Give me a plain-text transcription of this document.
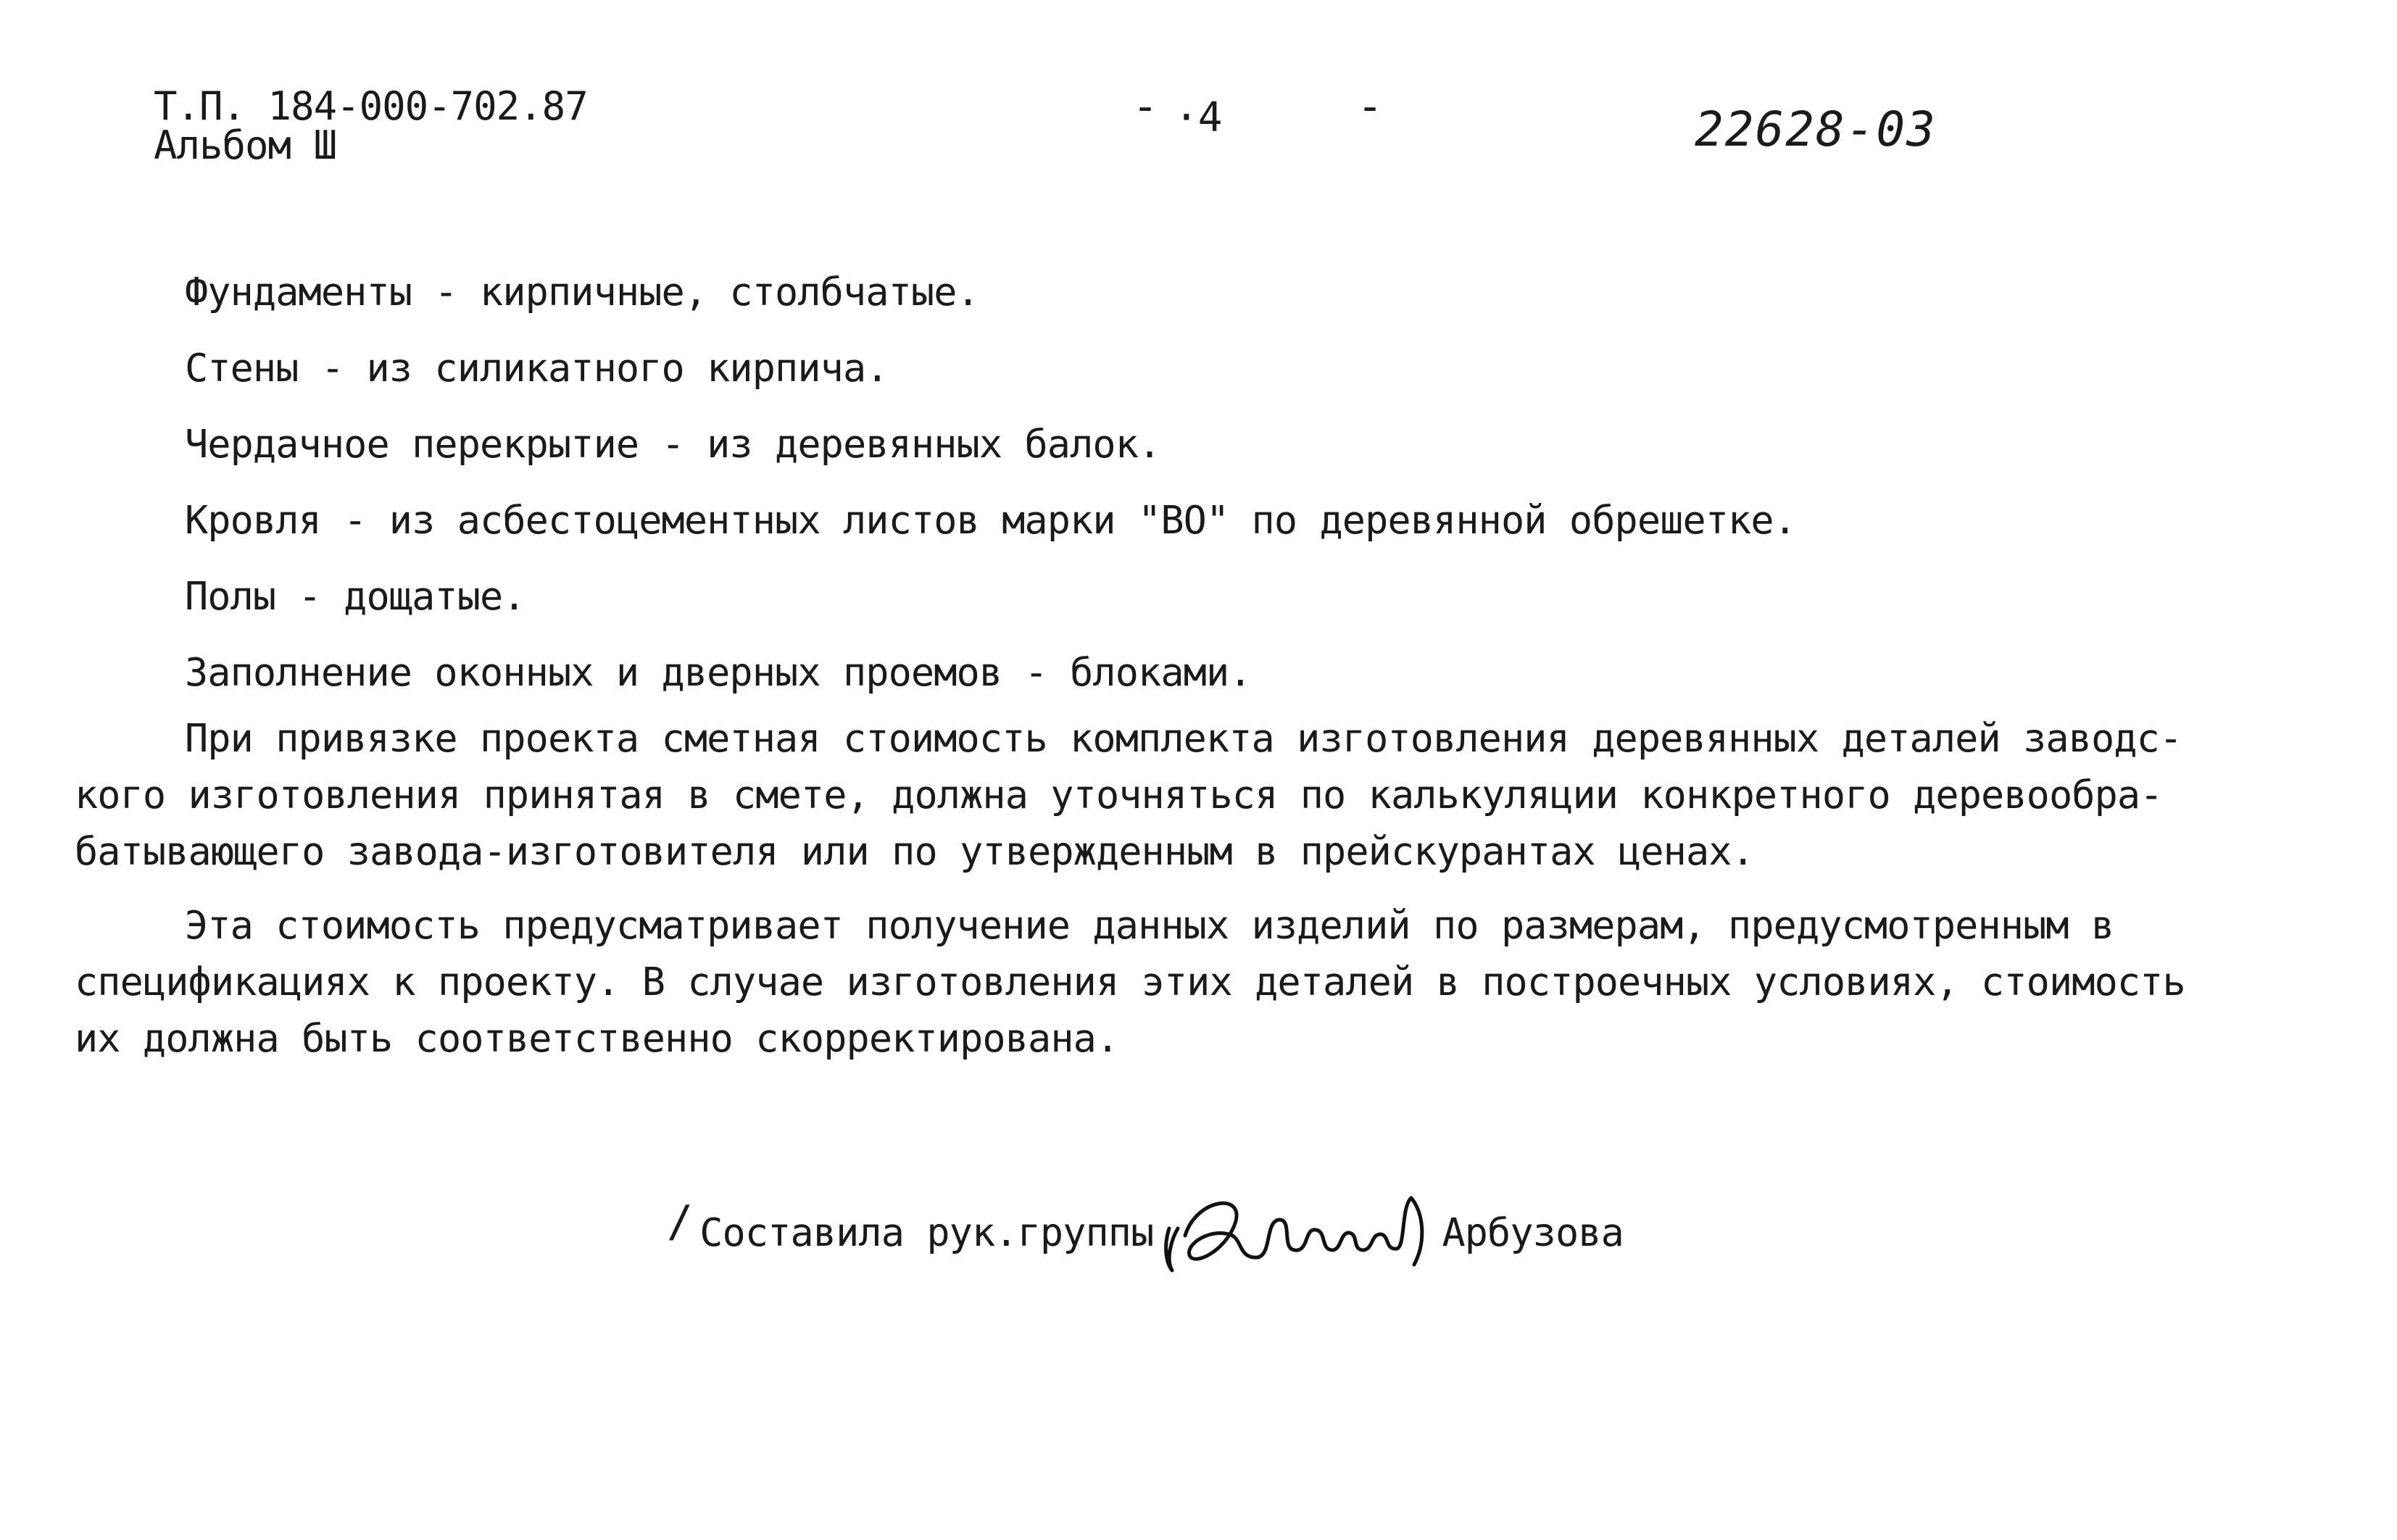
Т.П. 184-000-702.87
Альбом Ш
- ·4	-	22628-03
Фундаменты - кирпичные, столбчатые.
Стены - из силикатного кирпича.
Чердачное перекрытие - из деревянных балок.
Кровля - из асбестоцементных листов марки "ВО" по деревянной обрешетке.
Полы - дощатые.
Заполнение оконных и дверных проемов - блоками.
При привязке проекта сметная стоимость комплекта изготовления деревянных деталей заводс-
кого изготовления принятая в смете, должна уточняться по калькуляции конкретного деревообра-
батывающего завода-изготовителя или по утвержденным в прейскурантах ценах.
Эта стоимость предусматривает получение данных изделий по размерам, предусмотренным в
спецификациях к проекту. В случае изготовления этих деталей в построечных условиях, стоимость
их должна быть соответственно скорректирована.
/ Составила рук.группы	Арбузова
